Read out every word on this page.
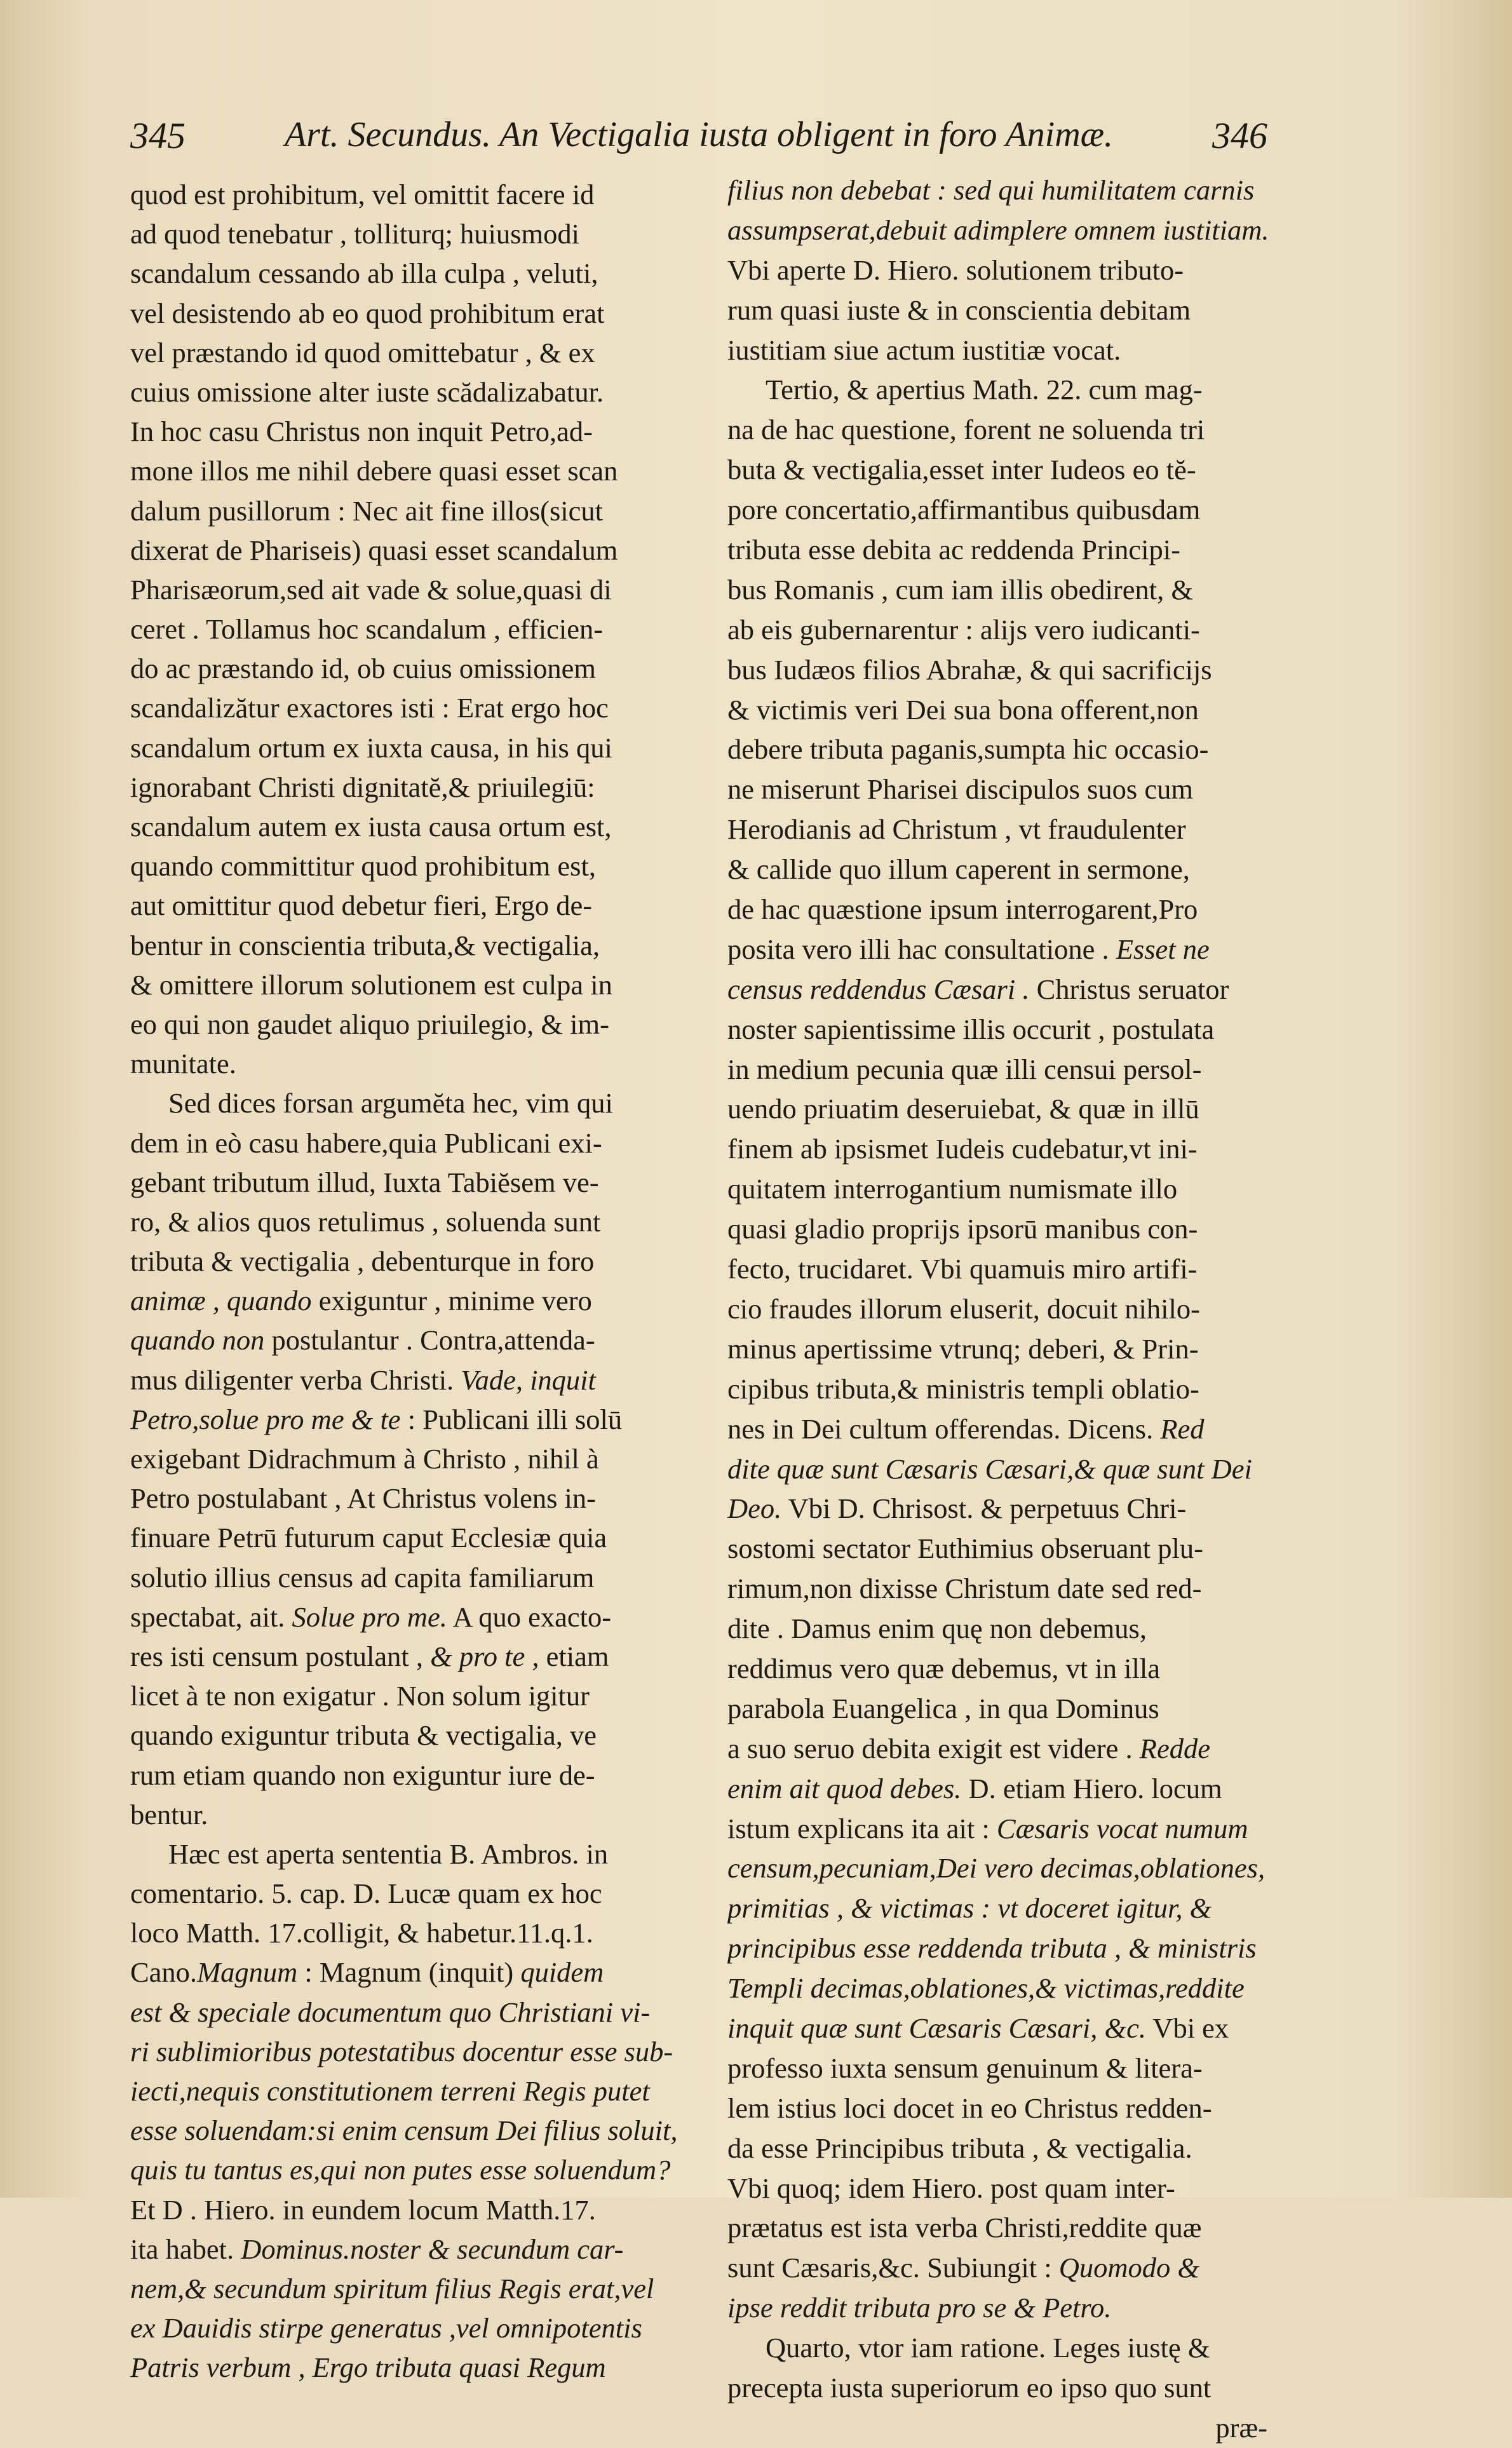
345	Art. Secundus. An Vectigalia iusta obligent in foro Animæ.	346
quod est prohibitum, vel omittit facere id
ad quod tenebatur , tolliturq; huiusmodi
scandalum cessando ab illa culpa , veluti,
vel desistendo ab eo quod prohibitum erat
vel præstando id quod omittebatur , & ex
cuius omissione alter iuste scădalizabatur.
In hoc casu Christus non inquit Petro,ad-
mone illos me nihil debere quasi esset scan
dalum pusillorum : Nec ait fine illos(sicut
dixerat de Phariseis) quasi esset scandalum
Pharisæorum,sed ait vade & solue,quasi di
ceret . Tollamus hoc scandalum , efficien-
do ac præstando id, ob cuius omissionem
scandalizătur exactores isti : Erat ergo hoc
scandalum ortum ex iuxta causa, in his qui
ignorabant Christi dignitatĕ,& priuilegiū:
scandalum autem ex iusta causa ortum est,
quando committitur quod prohibitum est,
aut omittitur quod debetur fieri, Ergo de-
bentur in conscientia tributa,& vectigalia,
& omittere illorum solutionem est culpa in
eo qui non gaudet aliquo priuilegio, & im-
munitate.
Sed dices forsan argumĕta hec, vim qui
dem in eò casu habere,quia Publicani exi-
gebant tributum illud, Iuxta Tabiĕsem ve-
ro, & alios quos retulimus , soluenda sunt
tributa & vectigalia , debenturque in foro
animæ , quando exiguntur , minime vero
quando non postulantur . Contra,attenda-
mus diligenter verba Christi. Vade, inquit
Petro,solue pro me & te : Publicani illi solū
exigebant Didrachmum à Christo , nihil à
Petro postulabant , At Christus volens in-
finuare Petrū futurum caput Ecclesiæ quia
solutio illius census ad capita familiarum
spectabat, ait. Solue pro me. A quo exacto-
res isti censum postulant , & pro te , etiam
licet à te non exigatur . Non solum igitur
quando exiguntur tributa & vectigalia, ve
rum etiam quando non exiguntur iure de-
bentur.
Hæc est aperta sententia B. Ambros. in
comentario. 5. cap. D. Lucæ quam ex hoc
loco Matth. 17.colligit, & habetur.11.q.1.
Cano.Magnum : Magnum (inquit) quidem
est & speciale documentum quo Christiani vi-
ri sublimioribus potestatibus docentur esse sub-
iecti,nequis constitutionem terreni Regis putet
esse soluendam:si enim censum Dei filius soluit,
quis tu tantus es,qui non putes esse soluendum?
Et D . Hiero. in eundem locum Matth.17.
ita habet. Dominus.noster & secundum car-
nem,& secundum spiritum filius Regis erat,vel
ex Dauidis stirpe generatus ,vel omnipotentis
Patris verbum , Ergo tributa quasi Regum
filius non debebat : sed qui humilitatem carnis
assumpserat,debuit adimplere omnem iustitiam.
Vbi aperte D. Hiero. solutionem tributo-
rum quasi iuste & in conscientia debitam
iustitiam siue actum iustitiæ vocat.
Tertio, & apertius Math. 22. cum mag-
na de hac questione, forent ne soluenda tri
buta & vectigalia,esset inter Iudeos eo tĕ-
pore concertatio,affirmantibus quibusdam
tributa esse debita ac reddenda Principi-
bus Romanis , cum iam illis obedirent, &
ab eis gubernarentur : alijs vero iudicanti-
bus Iudæos filios Abrahæ, & qui sacrificijs
& victimis veri Dei sua bona offerent,non
debere tributa paganis,sumpta hic occasio-
ne miserunt Pharisei discipulos suos cum
Herodianis ad Christum , vt fraudulenter
& callide quo illum caperent in sermone,
de hac quæstione ipsum interrogarent,Pro
posita vero illi hac consultatione . Esset ne
census reddendus Cæsari . Christus seruator
noster sapientissime illis occurit , postulata
in medium pecunia quæ illi censui persol-
uendo priuatim deseruiebat, & quæ in illū
finem ab ipsismet Iudeis cudebatur,vt ini-
quitatem interrogantium numismate illo
quasi gladio proprijs ipsorū manibus con-
fecto, trucidaret. Vbi quamuis miro artifi-
cio fraudes illorum eluserit, docuit nihilo-
minus apertissime vtrunq; deberi, & Prin-
cipibus tributa,& ministris templi oblatio-
nes in Dei cultum offerendas. Dicens. Red
dite quæ sunt Cæsaris Cæsari,& quæ sunt Dei
Deo. Vbi D. Chrisost. & perpetuus Chri-
sostomi sectator Euthimius obseruant plu-
rimum,non dixisse Christum date sed red-
dite . Damus enim quę non debemus,
reddimus vero quæ debemus, vt in illa
parabola Euangelica , in qua Dominus
a suo seruo debita exigit est videre . Redde
enim ait quod debes. D. etiam Hiero. locum
istum explicans ita ait : Cæsaris vocat numum
censum,pecuniam,Dei vero decimas,oblationes,
primitias , & victimas : vt doceret igitur, &
principibus esse reddenda tributa , & ministris
Templi decimas,oblationes,& victimas,reddite
inquit quæ sunt Cæsaris Cæsari, &c. Vbi ex
professo iuxta sensum genuinum & litera-
lem istius loci docet in eo Christus redden-
da esse Principibus tributa , & vectigalia.
Vbi quoq; idem Hiero. post quam inter-
prætatus est ista verba Christi,reddite quæ
sunt Cæsaris,&c. Subiungit : Quomodo &
ipse reddit tributa pro se & Petro.
Quarto, vtor iam ratione. Leges iustę &
precepta iusta superiorum eo ipso quo sunt
præ-
